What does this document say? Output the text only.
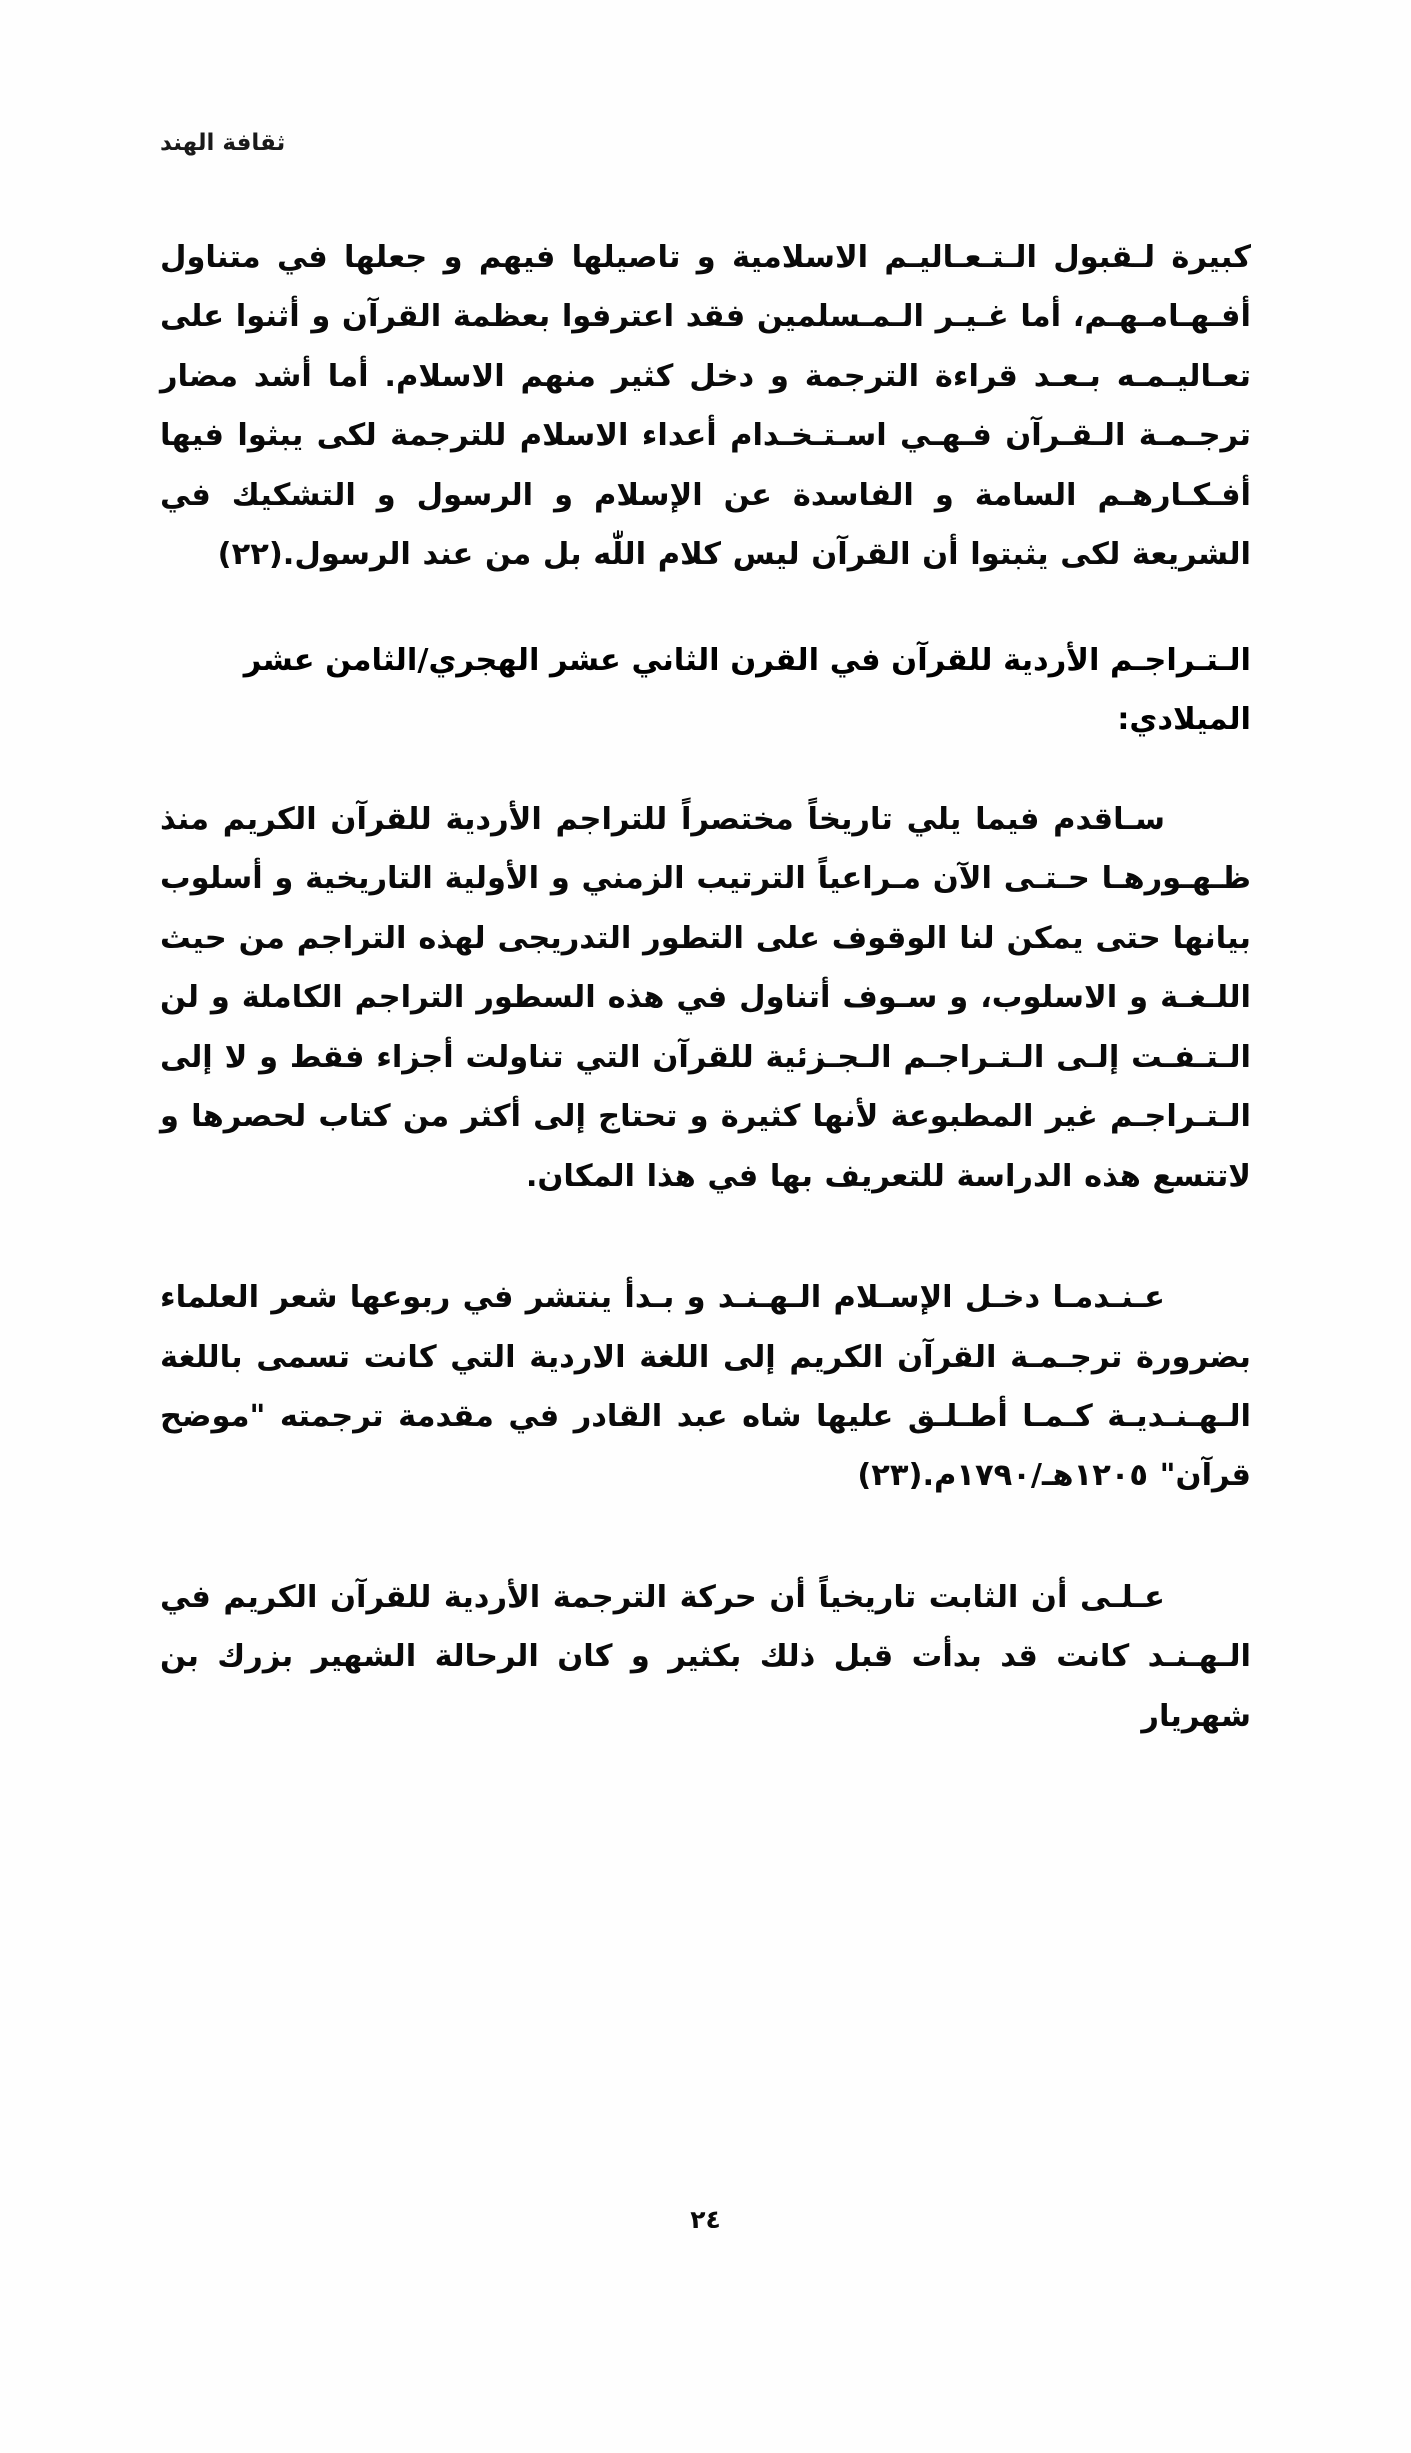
ثقافة الهند

كبيرة لـقبول الـتـعـاليـم الاسلامية و تاصيلها فيهم و جعلها في متناول أفـهـامـهـم، أما غـيـر الـمـسلمين فقد اعترفوا بعظمة القرآن و أثنوا على تعـاليـمـه بـعـد قراءة الترجمة و دخل كثير منهم الاسلام. أما أشد مضار ترجـمـة الـقـرآن فـهـي اسـتـخـدام أعداء الاسلام للترجمة لكى يبثوا فيها أفـكـارهـم السامة و الفاسدة عن الإسلام و الرسول و التشكيك في الشريعة لكى يثبتوا أن القرآن ليس كلام اللّٰه بل من عند الرسول.(٢٢)

الـتـراجـم الأردية للقرآن في القرن الثاني عشر الهجري/الثامن عشر الميلادي:

سـاقدم فيما يلي تاريخاً مختصراً للتراجم الأردية للقرآن الكريم منذ ظـهـورهـا حـتـى الآن مـراعياً الترتيب الزمني و الأولية التاريخية و أسلوب بيانها حتى يمكن لنا الوقوف على التطور التدريجى لهذه التراجم من حيث اللـغـة و الاسلوب، و سـوف أتناول في هذه السطور التراجم الكاملة و لن الـتـفـت إلـى الـتـراجـم الـجـزئية للقرآن التي تناولت أجزاء فقط و لا إلى الـتـراجـم غير المطبوعة لأنها كثيرة و تحتاج إلى أكثر من كتاب لحصرها و لاتتسع هذه الدراسة للتعريف بها في هذا المكان.

عـنـدمـا دخـل الإسـلام الـهـنـد و بـدأ ينتشر في ربوعها شعر العلماء بضرورة ترجـمـة القرآن الكريم إلى اللغة الاردية التي كانت تسمى باللغة الـهـنـديـة كـمـا أطـلـق عليها شاه عبد القادر في مقدمة ترجمته "موضح قرآن" ١٢٠٥هـ/١٧٩٠م.(٢٣)

عـلـى أن الثابت تاريخياً أن حركة الترجمة الأردية للقرآن الكريم في الـهـنـد كانت قد بدأت قبل ذلك بكثير و كان الرحالة الشهير بزرك بن شهريار

٢٤
